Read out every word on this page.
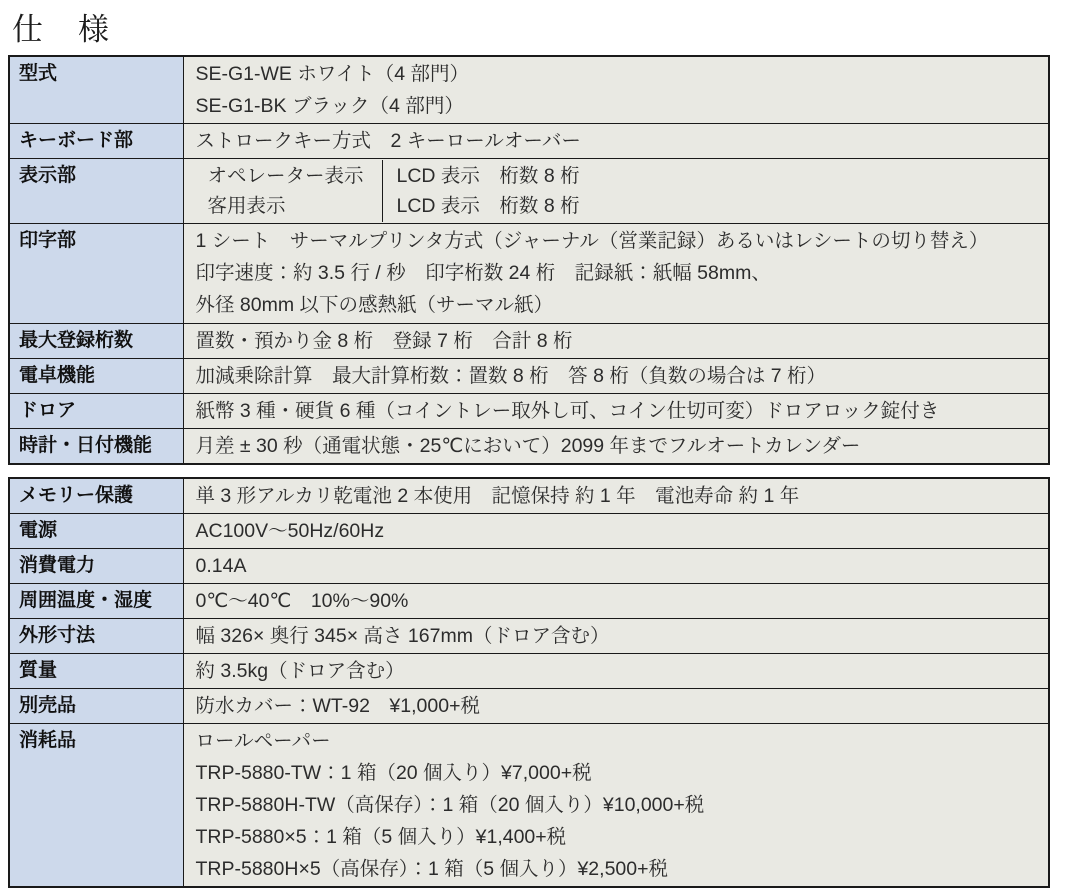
仕　様
型式	SE-G1-WE ホワイト（4 部門）
SE-G1-BK ブラック（4 部門）

キーボード部	ストロークキー方式　2 キーロールオーバー

表示部	オペレーター表示 LCD 表示　桁数 8 桁
客用表示 LCD 表示　桁数 8 桁

印字部	1 シート　サーマルプリンタ方式（ジャーナル（営業記録）あるいはレシートの切り替え）
印字速度：約 3.5 行 / 秒　印字桁数 24 桁　記録紙：紙幅 58mm、
外径 80mm 以下の感熱紙（サーマル紙）

最大登録桁数	置数・預かり金 8 桁　登録 7 桁　合計 8 桁

電卓機能	加減乗除計算　最大計算桁数：置数 8 桁　答 8 桁（負数の場合は 7 桁）

ドロア	紙幣 3 種・硬貨 6 種（コイントレー取外し可、コイン仕切可変）ドロアロック錠付き

時計・日付機能	月差 ± 30 秒（通電状態・25℃において）2099 年までフルオートカレンダー
メモリー保護	単 3 形アルカリ乾電池 2 本使用　記憶保持 約 1 年　電池寿命 約 1 年

電源	AC100V～50Hz/60Hz

消費電力	0.14A

周囲温度・湿度	0℃～40℃　10%～90%

外形寸法	幅 326× 奥行 345× 高さ 167mm（ドロア含む）

質量	約 3.5kg（ドロア含む）

別売品	防水カバー：WT-92　¥1,000+税

消耗品	ロールペーパー
TRP-5880-TW：1 箱（20 個入り）¥7,000+税
TRP-5880H-TW（高保存）：1 箱（20 個入り）¥10,000+税
TRP-5880×5：1 箱（5 個入り）¥1,400+税
TRP-5880H×5（高保存）：1 箱（5 個入り）¥2,500+税
